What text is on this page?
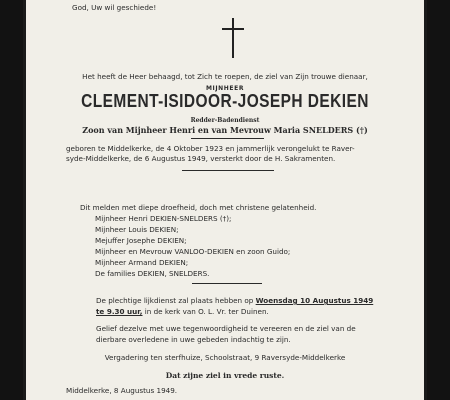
God, Uw wil geschiede!
Het heeft de Heer behaagd, tot Zich te roepen, de ziel van Zijn trouwe dienaar,
MIJNHEER
CLEMENT-ISIDOOR-JOSEPH DEKIEN
Redder-Badendienst
Zoon van Mijnheer Henri en van Mevrouw Maria SNELDERS (†)
geboren te Middelkerke, de 4 Oktober 1923 en jammerlijk verongelukt te Raver-
syde-Middelkerke, de 6 Augustus 1949, versterkt door de H. Sakramenten.
Dit melden met diepe droefheid, doch met christene gelatenheid.
Mijnheer Henri DEKIEN-SNELDERS (†);
Mijnheer Louis DEKIEN;
Mejuffer Josephe DEKIEN;
Mijnheer en Mevrouw VANLOO-DEKIEN en zoon Guido;
Mijnheer Armand DEKIEN;
De families DEKIEN, SNELDERS.
De plechtige lijkdienst zal plaats hebben op Woensdag 10 Augustus 1949
te 9.30 uur, in de kerk van O. L. Vr. ter Duinen.
Gelief dezelve met uwe tegenwoordigheid te vereeren en de ziel van de
dierbare overledene in uwe gebeden indachtig te zijn.
Vergadering ten sterfhuize, Schoolstraat, 9 Raversyde-Middelkerke
Dat zijne ziel in vrede ruste.
Middelkerke, 8 Augustus 1949.
